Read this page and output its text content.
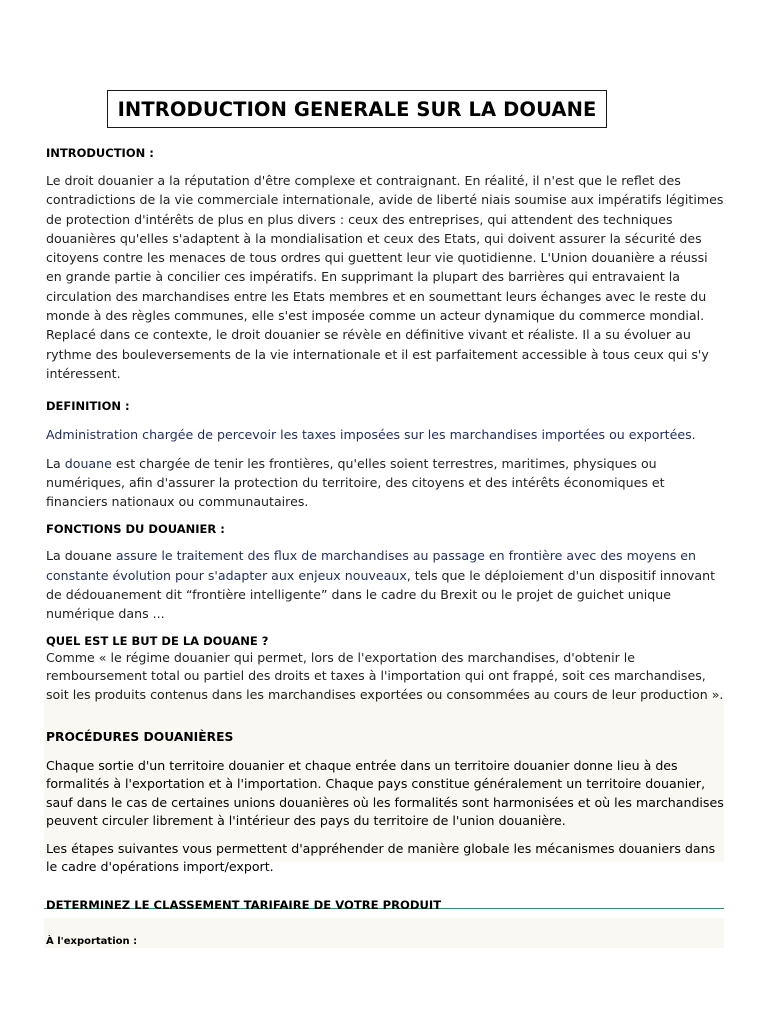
INTRODUCTION GENERALE SUR LA DOUANE

INTRODUCTION :

Le droit douanier a la réputation d'être complexe et contraignant. En réalité, il n'est que le reflet des contradictions de la vie commerciale internationale, avide de liberté niais soumise aux impératifs légitimes de protection d'intérêts de plus en plus divers : ceux des entreprises, qui attendent des techniques douanières qu'elles s'adaptent à la mondialisation et ceux des Etats, qui doivent assurer la sécurité des citoyens contre les menaces de tous ordres qui guettent leur vie quotidienne. L'Union douanière a réussi en grande partie à concilier ces impératifs. En supprimant la plupart des barrières qui entravaient la circulation des marchandises entre les Etats membres et en soumettant leurs échanges avec le reste du monde à des règles communes, elle s'est imposée comme un acteur dynamique du commerce mondial. Replacé dans ce contexte, le droit douanier se révèle en définitive vivant et réaliste. Il a su évoluer au rythme des bouleversements de la vie internationale et il est parfaitement accessible à tous ceux qui s'y intéressent.

DEFINITION :

Administration chargée de percevoir les taxes imposées sur les marchandises importées ou exportées.

La douane est chargée de tenir les frontières, qu'elles soient terrestres, maritimes, physiques ou numériques, afin d'assurer la protection du territoire, des citoyens et des intérêts économiques et financiers nationaux ou communautaires.

FONCTIONS DU DOUANIER :

La douane assure le traitement des flux de marchandises au passage en frontière avec des moyens en constante évolution pour s'adapter aux enjeux nouveaux, tels que le déploiement d'un dispositif innovant de dédouanement dit “frontière intelligente” dans le cadre du Brexit ou le projet de guichet unique numérique dans ...

QUEL EST LE BUT DE LA DOUANE ?

Comme « le régime douanier qui permet, lors de l'exportation des marchandises, d'obtenir le remboursement total ou partiel des droits et taxes à l'importation qui ont frappé, soit ces marchandises, soit les produits contenus dans les marchandises exportées ou consommées au cours de leur production ».

PROCÉDURES DOUANIÈRES

Chaque sortie d'un territoire douanier et chaque entrée dans un territoire douanier donne lieu à des formalités à l'exportation et à l'importation. Chaque pays constitue généralement un territoire douanier, sauf dans le cas de certaines unions douanières où les formalités sont harmonisées et où les marchandises peuvent circuler librement à l'intérieur des pays du territoire de l'union douanière.

Les étapes suivantes vous permettent d'appréhender de manière globale les mécanismes douaniers dans le cadre d'opérations import/export.

DETERMINEZ LE CLASSEMENT TARIFAIRE DE VOTRE PRODUIT

À l'exportation :
